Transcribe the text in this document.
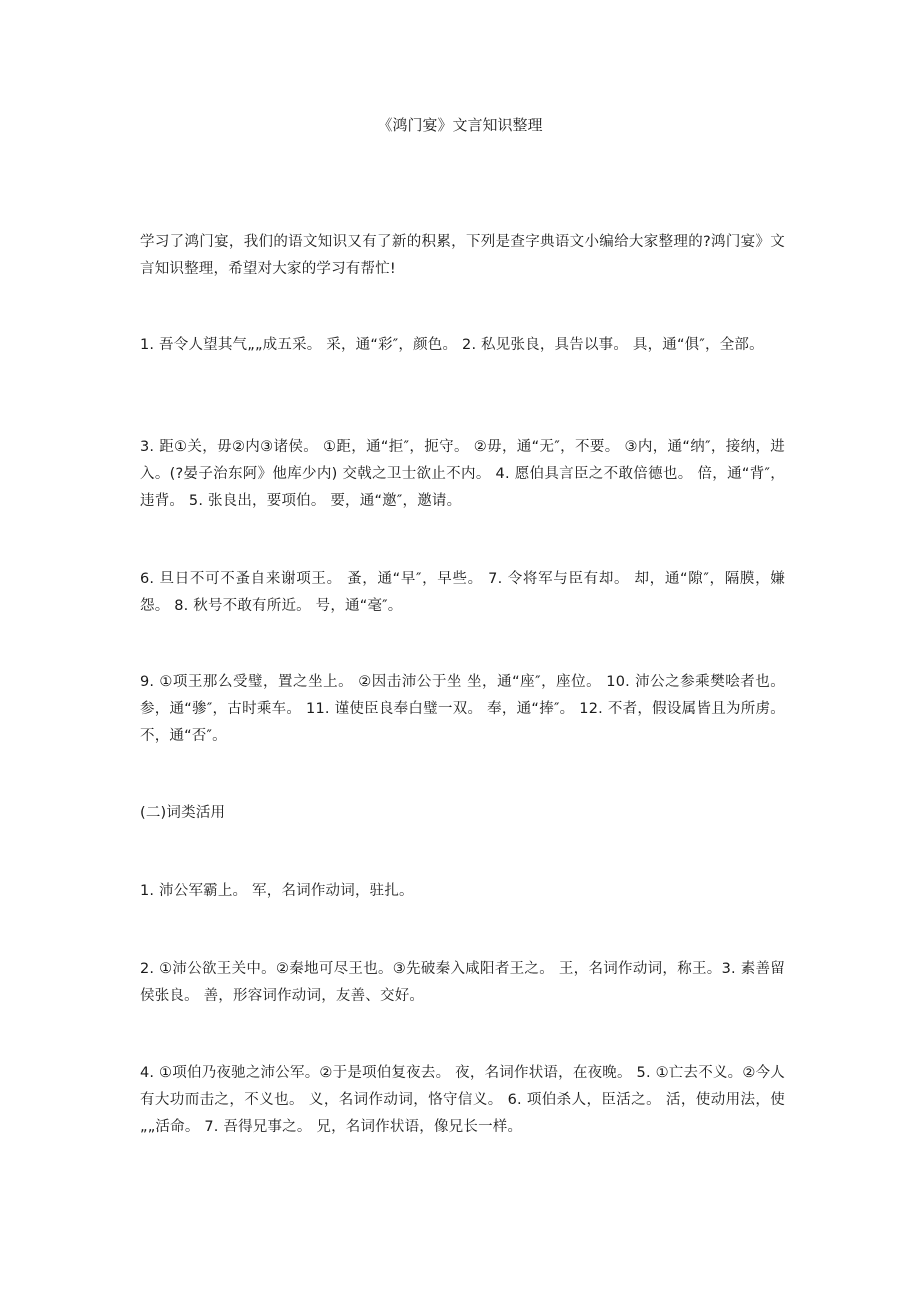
《鸿门宴》文言知识整理

学习了鸿门宴，我们的语文知识又有了新的积累，下列是查字典语文小编给大家整理的?鸿门宴》文言知识整理，希望对大家的学习有帮忙!

1. 吾令人望其气„„成五采。 采，通“彩″，颜色。 2. 私见张良，具告以事。 具，通“俱″，全部。

3. 距①关，毋②内③诸侯。 ①距，通“拒″，扼守。 ②毋，通“无″，不要。 ③内，通“纳″，接纳，进入。(?晏子治东阿》他库少内) 交戟之卫士欲止不内。 4. 愿伯具言臣之不敢倍德也。 倍，通“背″，违背。 5. 张良出，要项伯。 要，通“邀″，邀请。

6. 旦日不可不蚤自来谢项王。 蚤，通“早″，早些。 7. 令将军与臣有却。 却，通“隙″，隔膜，嫌怨。 8. 秋号不敢有所近。 号，通“毫″。

9. ①项王那么受璧，置之坐上。 ②因击沛公于坐 坐，通“座″，座位。 10. 沛公之参乘樊哙者也。 参，通“骖″，古时乘车。 11. 谨使臣良奉白璧一双。 奉，通“捧″。 12. 不者，假设属皆且为所虏。 不，通“否″。

(二)词类活用

1. 沛公军霸上。 军，名词作动词，驻扎。

2. ①沛公欲王关中。②秦地可尽王也。③先破秦入咸阳者王之。 王，名词作动词，称王。3. 素善留侯张良。 善，形容词作动词，友善、交好。

4. ①项伯乃夜驰之沛公军。②于是项伯复夜去。 夜，名词作状语，在夜晚。 5. ①亡去不义。②今人有大功而击之，不义也。 义，名词作动词，恪守信义。 6. 项伯杀人，臣活之。 活，使动用法，使„„活命。 7. 吾得兄事之。 兄，名词作状语，像兄长一样。
